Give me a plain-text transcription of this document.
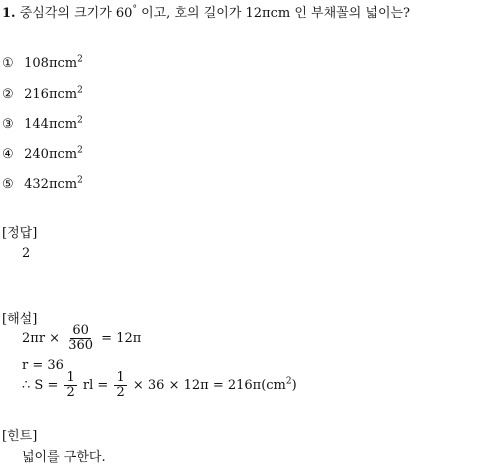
1. 중심각의 크기가 60° 이고, 호의 길이가 12πcm 인 부채꼴의 넓이는?
① 108πcm$^2$
② 216πcm$^2$
③ 144πcm$^2$
④ 240πcm$^2$
⑤ 432πcm$^2$
[정답]
2
[해설]
$2\pi r \times \frac{60}{360} = 12\pi$
r = 36
∴ $S = \frac{1}{2}$ rl = $\frac{1}{2} \times 36 \times 12\pi = 216\pi(cm^2)$
[힌트]
넓이를 구한다.
